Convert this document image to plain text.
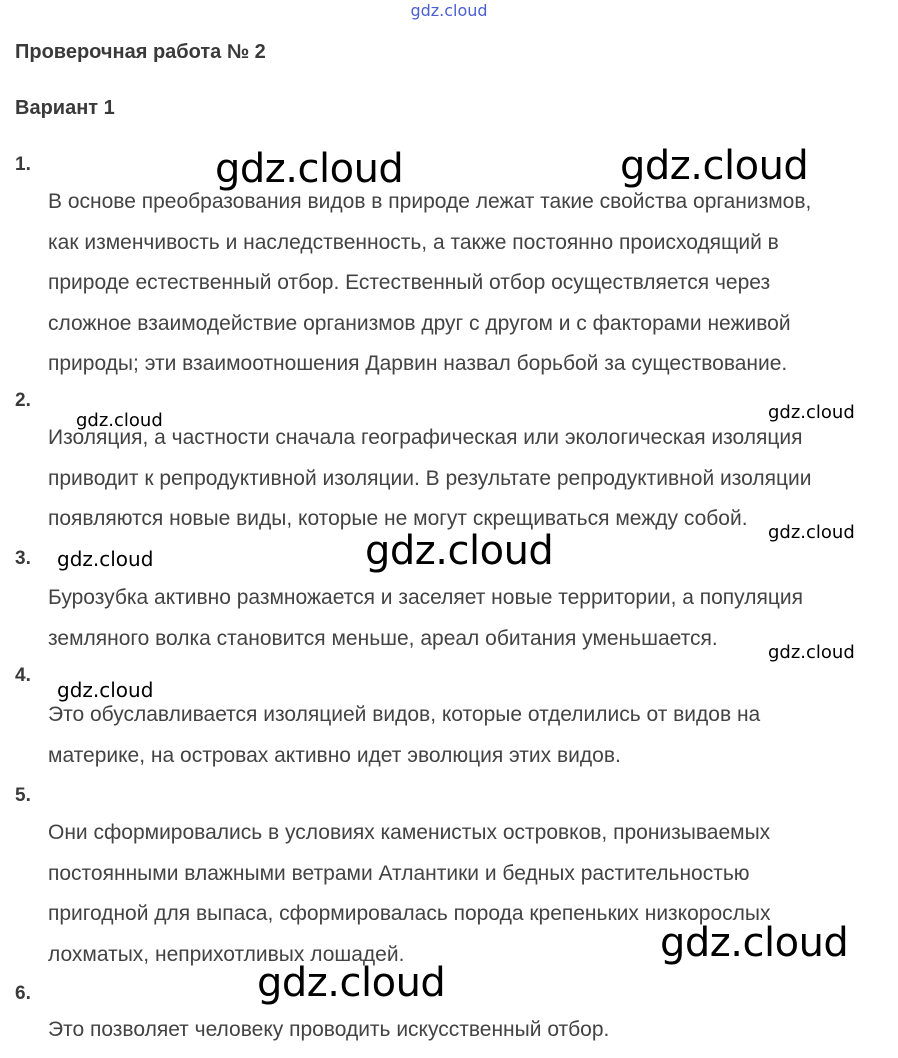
gdz.cloud
Проверочная работа № 2
Вариант 1
1.
В основе преобразования видов в природе лежат такие свойства организмов,
как изменчивость и наследственность, а также постоянно происходящий в
природе естественный отбор. Естественный отбор осуществляется через
сложное взаимодействие организмов друг с другом и с факторами неживой
природы; эти взаимоотношения Дарвин назвал борьбой за существование.
2.
Изоляция, а частности сначала географическая или экологическая изоляция
приводит к репродуктивной изоляции. В результате репродуктивной изоляции
появляются новые виды, которые не могут скрещиваться между собой.
3.
Бурозубка активно размножается и заселяет новые территории, а популяция
земляного волка становится меньше, ареал обитания уменьшается.
4.
Это обуславливается изоляцией видов, которые отделились от видов на
материке, на островах активно идет эволюция этих видов.
5.
Они сформировались в условиях каменистых островков, пронизываемых
постоянными влажными ветрами Атлантики и бедных растительностью
пригодной для выпаса, сформировалась порода крепеньких низкорослых
лохматых, неприхотливых лошадей.
6.
Это позволяет человеку проводить искусственный отбор.
gdz.cloud	gdz.cloud
gdz.cloud	gdz.cloud
gdz.cloud
gdz.cloud	gdz.cloud
gdz.cloud
gdz.cloud
gdz.cloud
gdz.cloud
